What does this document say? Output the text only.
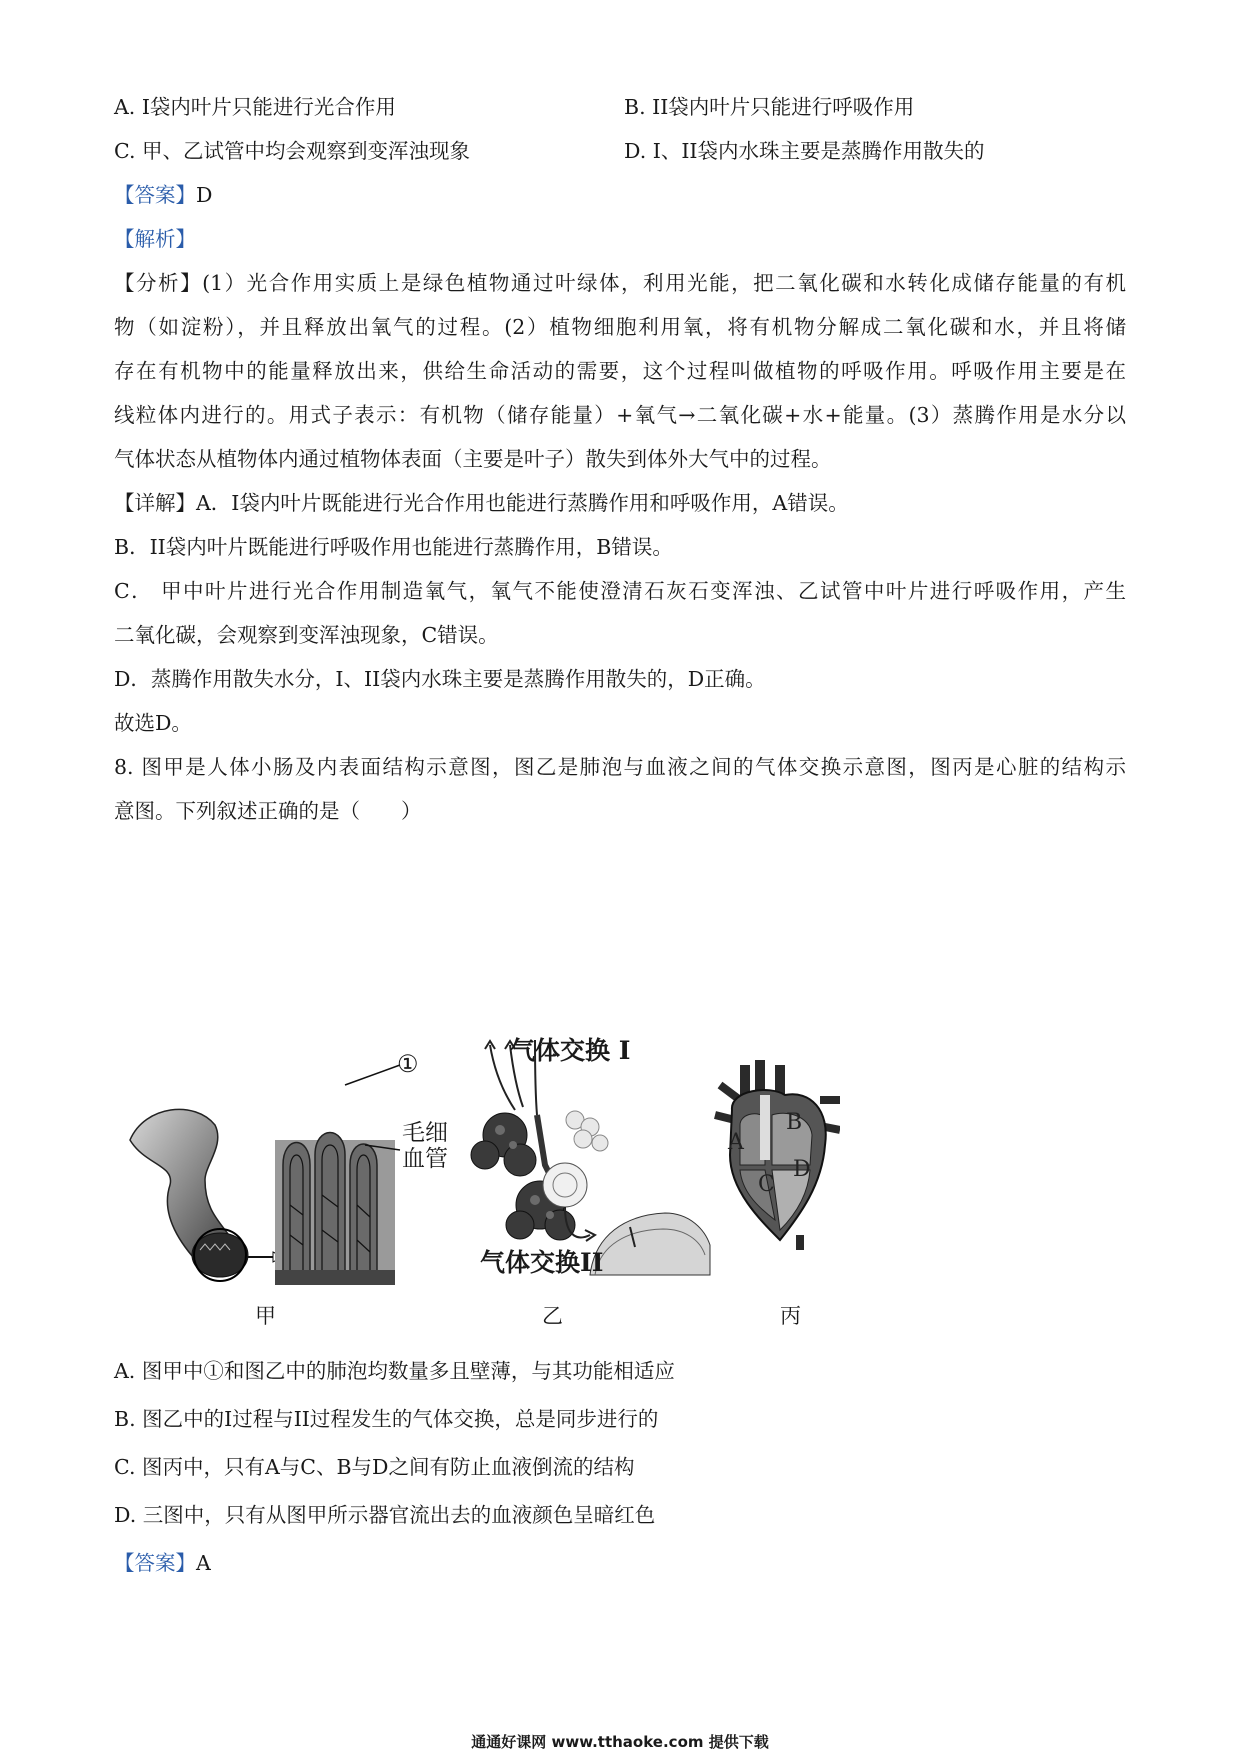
A. I袋内叶片只能进行光合作用	B. II袋内叶片只能进行呼吸作用
C. 甲、乙试管中均会观察到变浑浊现象	D. I、II袋内水珠主要是蒸腾作用散失的
【答案】D
【解析】
【分析】(1）光合作用实质上是绿色植物通过叶绿体，利用光能，把二氧化碳和水转化成储存能量的有机
物（如淀粉），并且释放出氧气的过程。(2）植物细胞利用氧，将有机物分解成二氧化碳和水，并且将储
存在有机物中的能量释放出来，供给生命活动的需要，这个过程叫做植物的呼吸作用。呼吸作用主要是在
线粒体内进行的。用式子表示：有机物（储存能量）+氧气→二氧化碳+水+能量。(3）蒸腾作用是水分以
气体状态从植物体内通过植物体表面（主要是叶子）散失到体外大气中的过程。
【详解】A．I袋内叶片既能进行光合作用也能进行蒸腾作用和呼吸作用，A错误。
B．II袋内叶片既能进行呼吸作用也能进行蒸腾作用，B错误。
C． 甲中叶片进行光合作用制造氧气，氧气不能使澄清石灰石变浑浊、乙试管中叶片进行呼吸作用，产生
二氧化碳，会观察到变浑浊现象，C错误。
D．蒸腾作用散失水分，I、II袋内水珠主要是蒸腾作用散失的，D正确。
故选D。
8. 图甲是人体小肠及内表面结构示意图，图乙是肺泡与血液之间的气体交换示意图，图丙是心脏的结构示
意图。下列叙述正确的是（　　）
①
毛细
血管
气体交换 I
气体交换II
A
B
C
D
甲	乙	丙
A. 图甲中①和图乙中的肺泡均数量多且壁薄，与其功能相适应
B. 图乙中的I过程与II过程发生的气体交换，总是同步进行的
C. 图丙中，只有A与C、B与D之间有防止血液倒流的结构
D. 三图中，只有从图甲所示器官流出去的血液颜色呈暗红色
【答案】A
通通好课网 www.tthaoke.com 提供下载
